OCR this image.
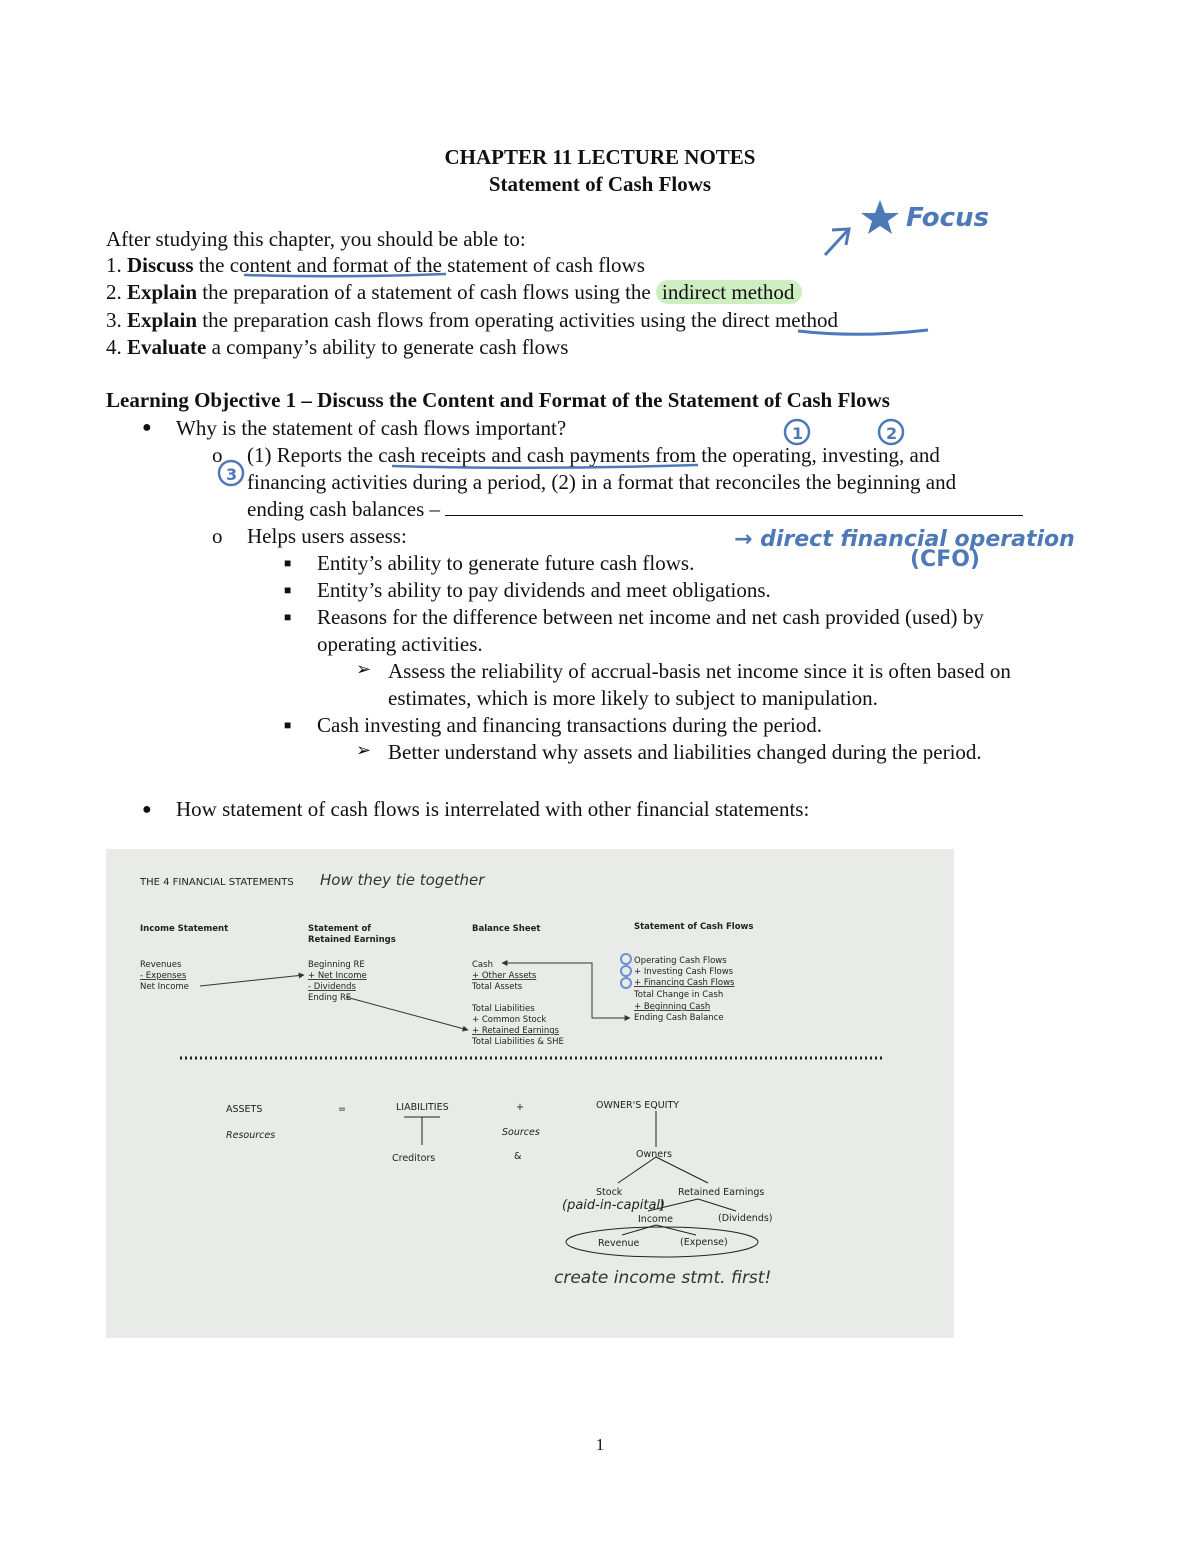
CHAPTER 11 LECTURE NOTES
Statement of Cash Flows
After studying this chapter, you should be able to:
1. Discuss the content and format of the statement of cash flows
2. Explain the preparation of a statement of cash flows using the indirect method
3. Explain the preparation cash flows from operating activities using the direct method
4. Evaluate a company’s ability to generate cash flows
Learning Objective 1 – Discuss the Content and Format of the Statement of Cash Flows
● Why is the statement of cash flows important?
o (1) Reports the cash receipts and cash payments from the operating, investing, and
financing activities during a period, (2) in a format that reconciles the beginning and
ending cash balances –
o Helps users assess:
■ Entity’s ability to generate future cash flows.
■ Entity’s ability to pay dividends and meet obligations.
■ Reasons for the difference between net income and net cash provided (used) by
operating activities.
➢ Assess the reliability of accrual-basis net income since it is often based on
estimates, which is more likely to subject to manipulation.
■ Cash investing and financing transactions during the period.
➢ Better understand why assets and liabilities changed during the period.
● How statement of cash flows is interrelated with other financial statements:
Focus
1	2
3
→ direct financial operation
(CFO)
THE 4 FINANCIAL STATEMENTS How they tie together
Income Statement
Revenues
- Expenses
Net Income
Statement of
Retained Earnings
Beginning RE
+ Net Income
- Dividends
Ending RE
Balance Sheet
Cash
+ Other Assets
Total Assets
Total Liabilities
+ Common Stock
+ Retained Earnings
Total Liabilities & SHE
Statement of Cash Flows
Operating Cash Flows
+ Investing Cash Flows
+ Financing Cash Flows
Total Change in Cash
+ Beginning Cash
Ending Cash Balance
ASSETS	=	LIABILITIES	+	OWNER'S EQUITY
Resources	Sources
Creditors	&	Owners
Stock	Retained Earnings
Income	(Dividends)
Revenue	(Expense)
(paid-in-capital)
create income stmt. first!
1
